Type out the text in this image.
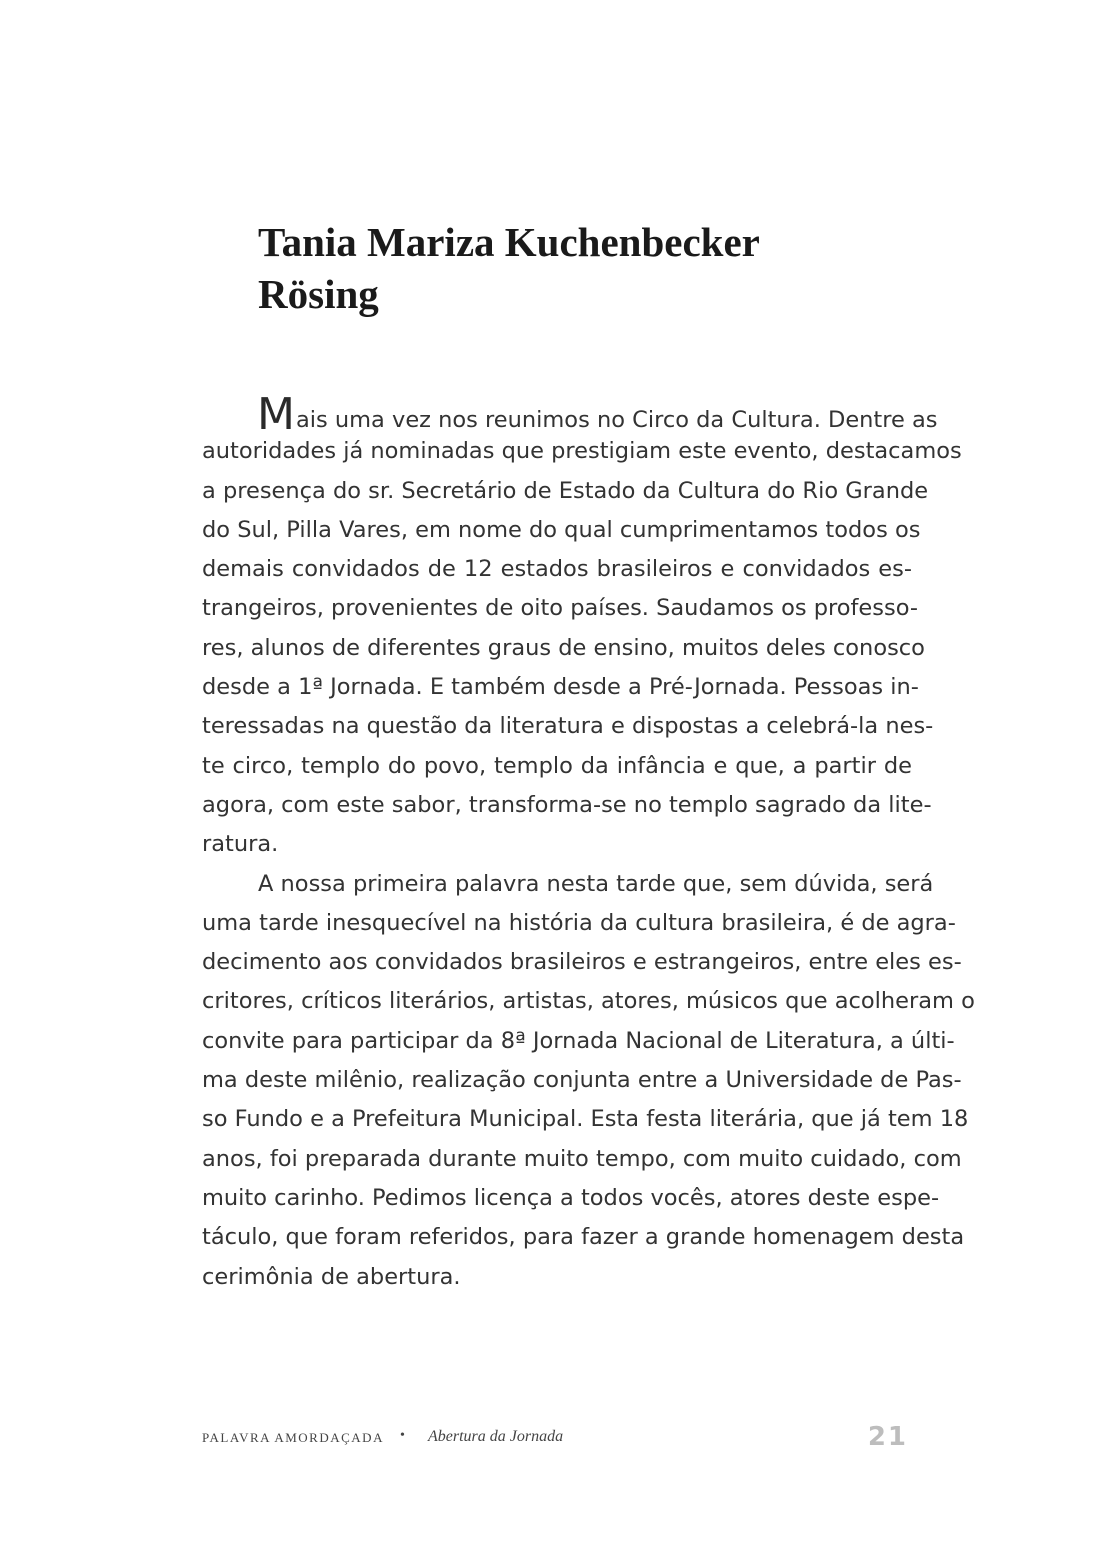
Tania Mariza Kuchenbecker
Rösing
Mais uma vez nos reunimos no Circo da Cultura. Dentre as
autoridades já nominadas que prestigiam este evento, destacamos
a presença do sr. Secretário de Estado da Cultura do Rio Grande
do Sul, Pilla Vares, em nome do qual cumprimentamos todos os
demais convidados de 12 estados brasileiros e convidados es-
trangeiros, provenientes de oito países. Saudamos os professo-
res, alunos de diferentes graus de ensino, muitos deles conosco
desde a 1ª Jornada. E também desde a Pré-Jornada. Pessoas in-
teressadas na questão da literatura e dispostas a celebrá-la nes-
te circo, templo do povo, templo da infância e que, a partir de
agora, com este sabor, transforma-se no templo sagrado da lite-
ratura.
A nossa primeira palavra nesta tarde que, sem dúvida, será
uma tarde inesquecível na história da cultura brasileira, é de agra-
decimento aos convidados brasileiros e estrangeiros, entre eles es-
critores, críticos literários, artistas, atores, músicos que acolheram o
convite para participar da 8ª Jornada Nacional de Literatura, a últi-
ma deste milênio, realização conjunta entre a Universidade de Pas-
so Fundo e a Prefeitura Municipal. Esta festa literária, que já tem 18
anos, foi preparada durante muito tempo, com muito cuidado, com
muito carinho. Pedimos licença a todos vocês, atores deste espe-
táculo, que foram referidos, para fazer a grande homenagem desta
cerimônia de abertura.
PALAVRA AMORDAÇADA • Abertura da Jornada	21
